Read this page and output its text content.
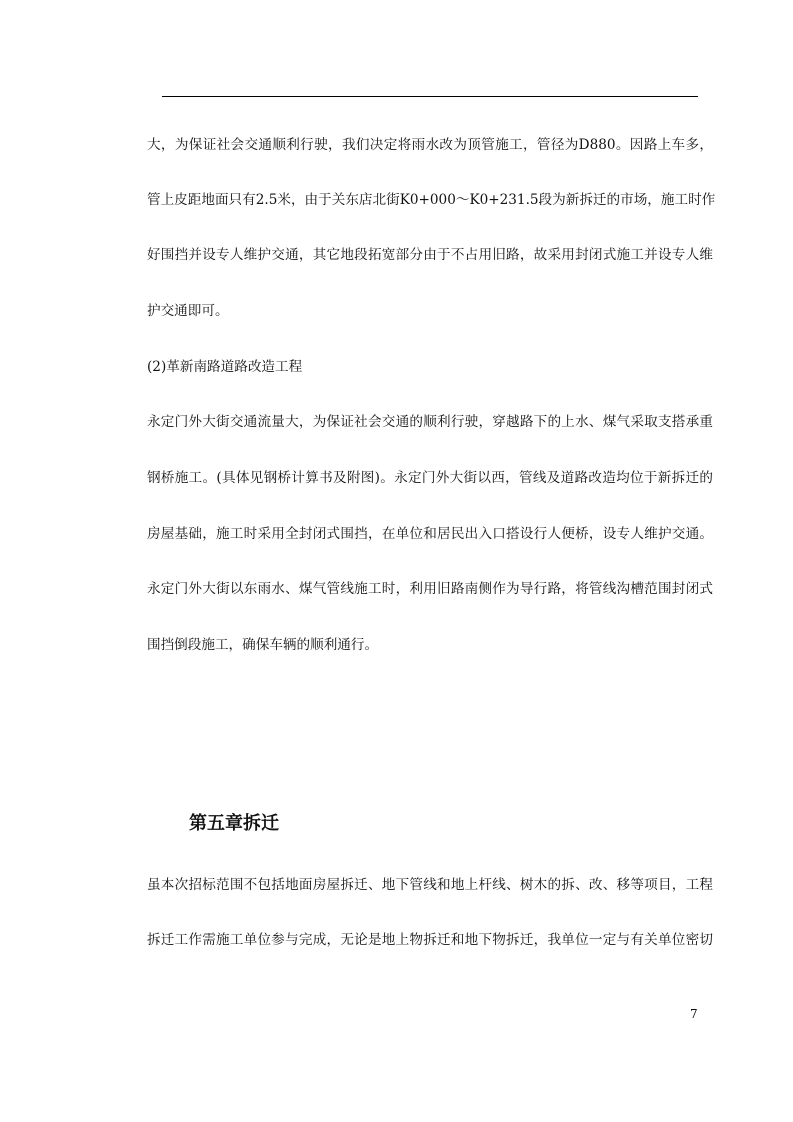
大，为保证社会交通顺利行驶，我们决定将雨水改为顶管施工，管径为D880。因路上车多，
管上皮距地面只有2.5米，由于关东店北街K0+000～K0+231.5段为新拆迁的市场，施工时作
好围挡并设专人维护交通，其它地段拓宽部分由于不占用旧路，故采用封闭式施工并设专人维
护交通即可。
(2)革新南路道路改造工程
永定门外大街交通流量大，为保证社会交通的顺利行驶，穿越路下的上水、煤气采取支搭承重
钢桥施工。(具体见钢桥计算书及附图)。永定门外大街以西，管线及道路改造均位于新拆迁的
房屋基础，施工时采用全封闭式围挡，在单位和居民出入口搭设行人便桥，设专人维护交通。
永定门外大街以东雨水、煤气管线施工时，利用旧路南侧作为导行路，将管线沟槽范围封闭式
围挡倒段施工，确保车辆的顺利通行。
第五章拆迁
虽本次招标范围不包括地面房屋拆迁、地下管线和地上杆线、树木的拆、改、移等项目，工程
拆迁工作需施工单位参与完成，无论是地上物拆迁和地下物拆迁，我单位一定与有关单位密切
7
